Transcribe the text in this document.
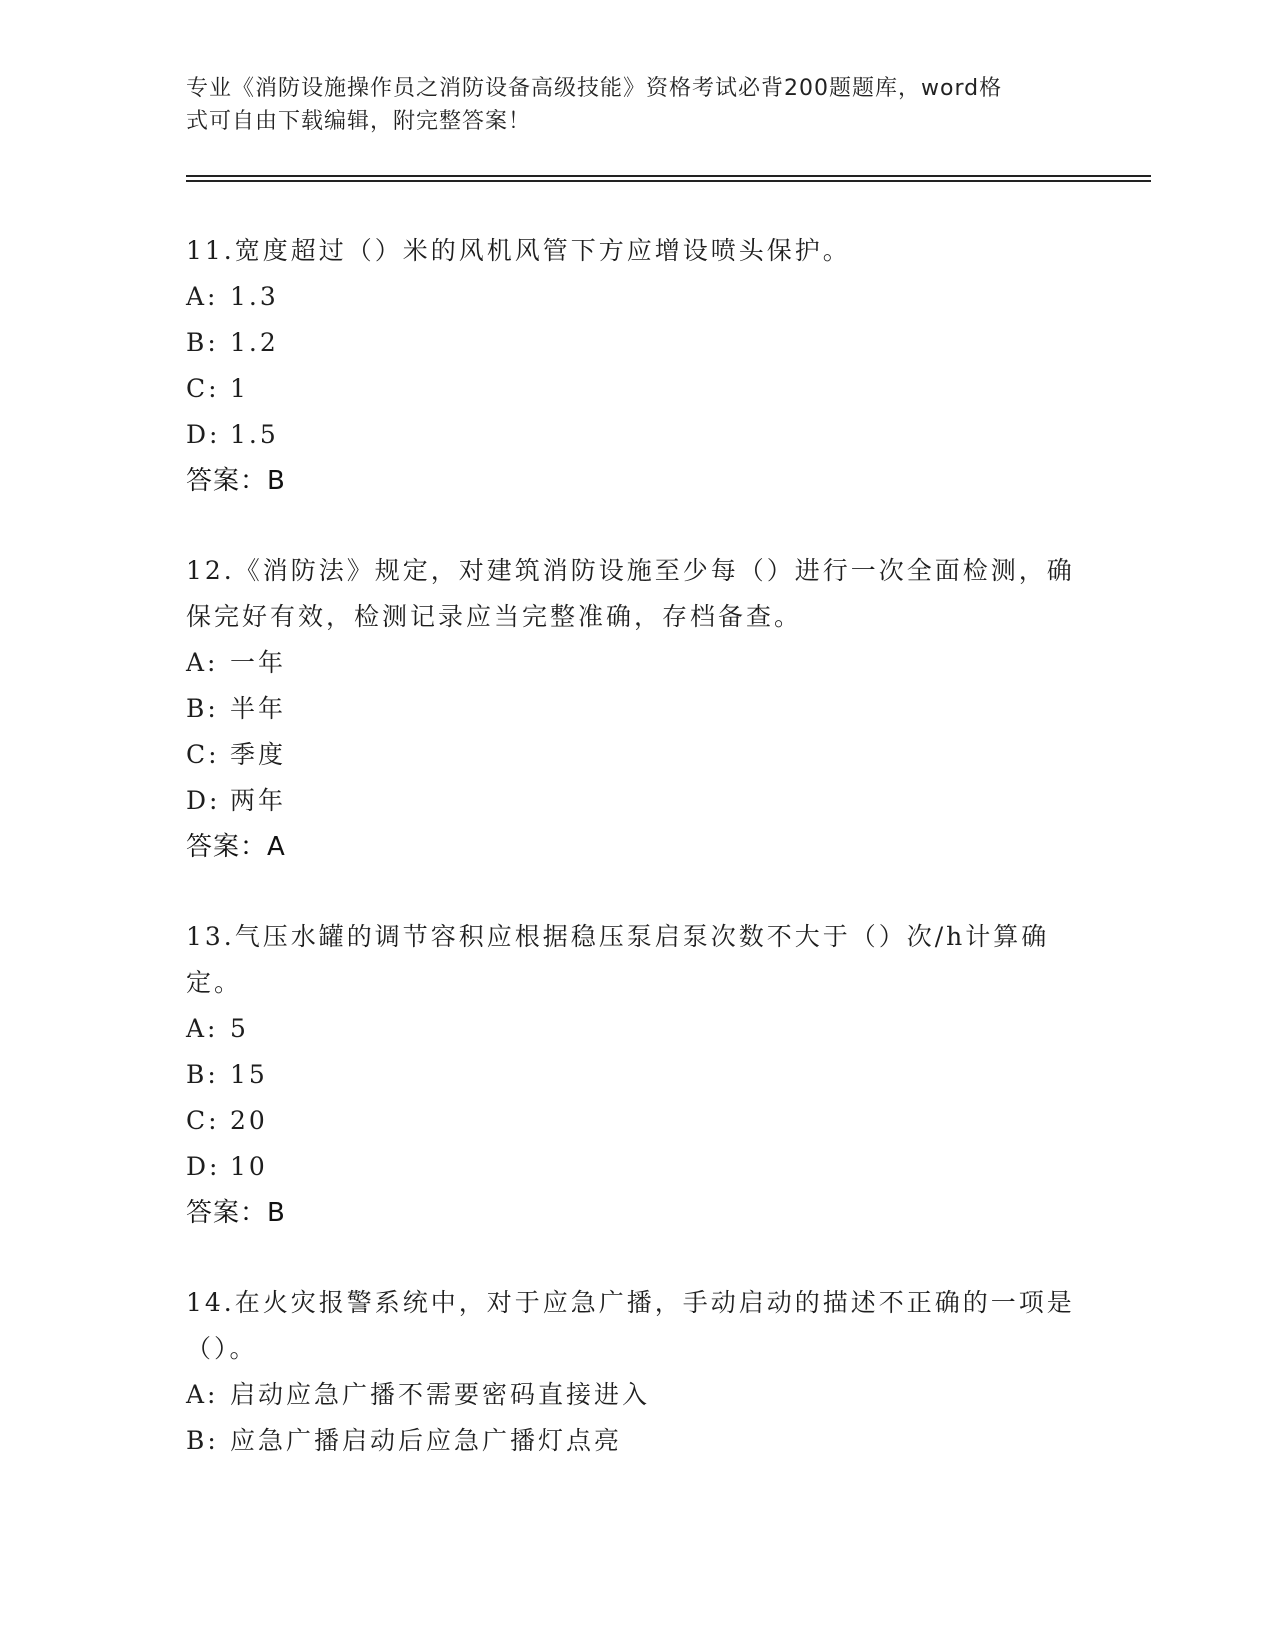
专业《消防设施操作员之消防设备高级技能》资格考试必背200题题库，word格
式可自由下载编辑，附完整答案！
11.宽度超过（）米的风机风管下方应增设喷头保护。
A: 1.3
B: 1.2
C: 1
D: 1.5
答案：B
12.《消防法》规定，对建筑消防设施至少每（）进行一次全面检测，确保完好有效，检测记录应当完整准确，存档备查。
A: 一年
B: 半年
C: 季度
D: 两年
答案：A
13.气压水罐的调节容积应根据稳压泵启泵次数不大于（）次/h计算确定。
A: 5
B: 15
C: 20
D: 10
答案：B
14.在火灾报警系统中，对于应急广播，手动启动的描述不正确的一项是（）。
A: 启动应急广播不需要密码直接进入
B: 应急广播启动后应急广播灯点亮
